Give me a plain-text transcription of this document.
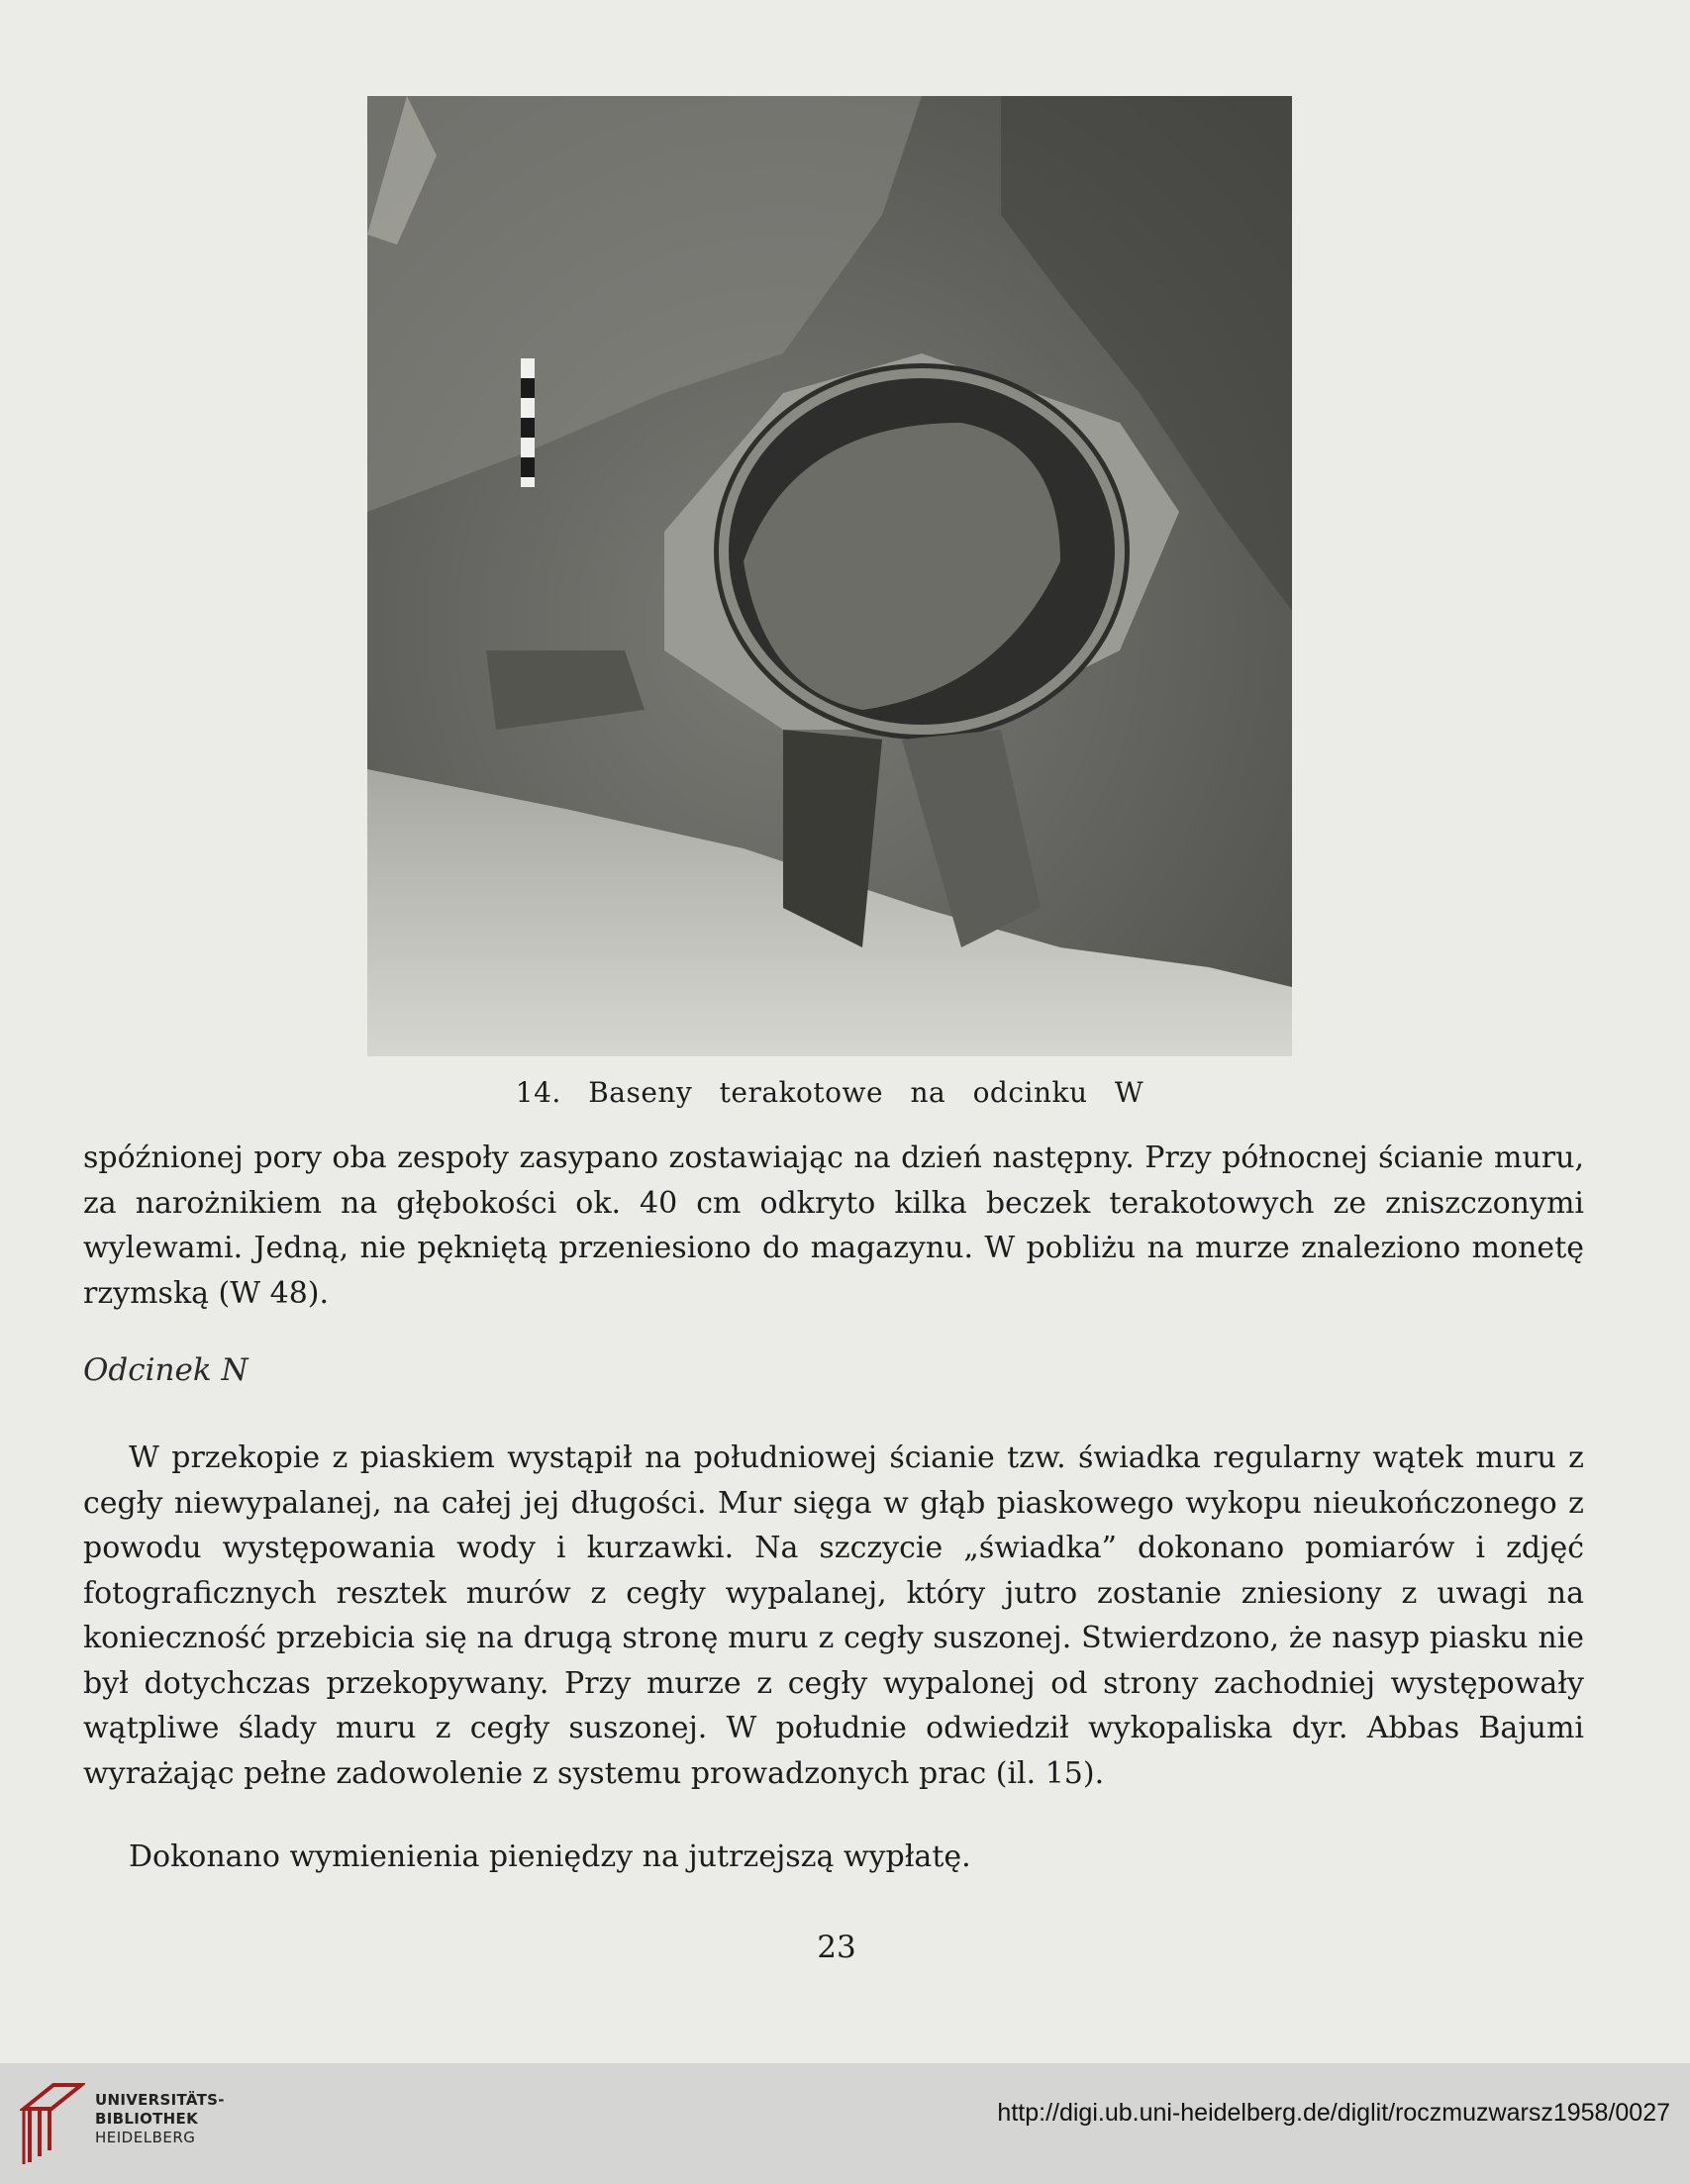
14. Baseny terakotowe na odcinku W

spóźnionej pory oba zespoły zasypano zostawiając na dzień następny. Przy północnej ścianie muru, za narożnikiem na głębokości ok. 40 cm odkryto kilka beczek terakotowych ze zniszczonymi wylewami. Jedną, nie pękniętą przeniesiono do magazynu. W pobliżu na murze znaleziono monetę rzymską (W 48).

Odcinek N

W przekopie z piaskiem wystąpił na południowej ścianie tzw. świadka regularny wątek muru z cegły niewypalanej, na całej jej długości. Mur sięga w głąb piaskowego wykopu nieukończonego z powodu występowania wody i kurzawki. Na szczycie „świadka” dokonano pomiarów i zdjęć fotograficznych resztek murów z cegły wypalanej, który jutro zostanie zniesiony z uwagi na konieczność przebicia się na drugą stronę muru z cegły suszonej. Stwierdzono, że nasyp piasku nie był dotychczas przekopywany. Przy murze z cegły wypalonej od strony zachodniej występowały wątpliwe ślady muru z cegły suszonej. W południe odwiedził wykopaliska dyr. Abbas Bajumi wyrażając pełne zadowolenie z systemu prowadzonych prac (il. 15).

Dokonano wymienienia pieniędzy na jutrzejszą wypłatę.

23
UNIVERSITÄTS-
BIBLIOTHEK
HEIDELBERG
http://digi.ub.uni-heidelberg.de/diglit/roczmuzwarsz1958/0027
